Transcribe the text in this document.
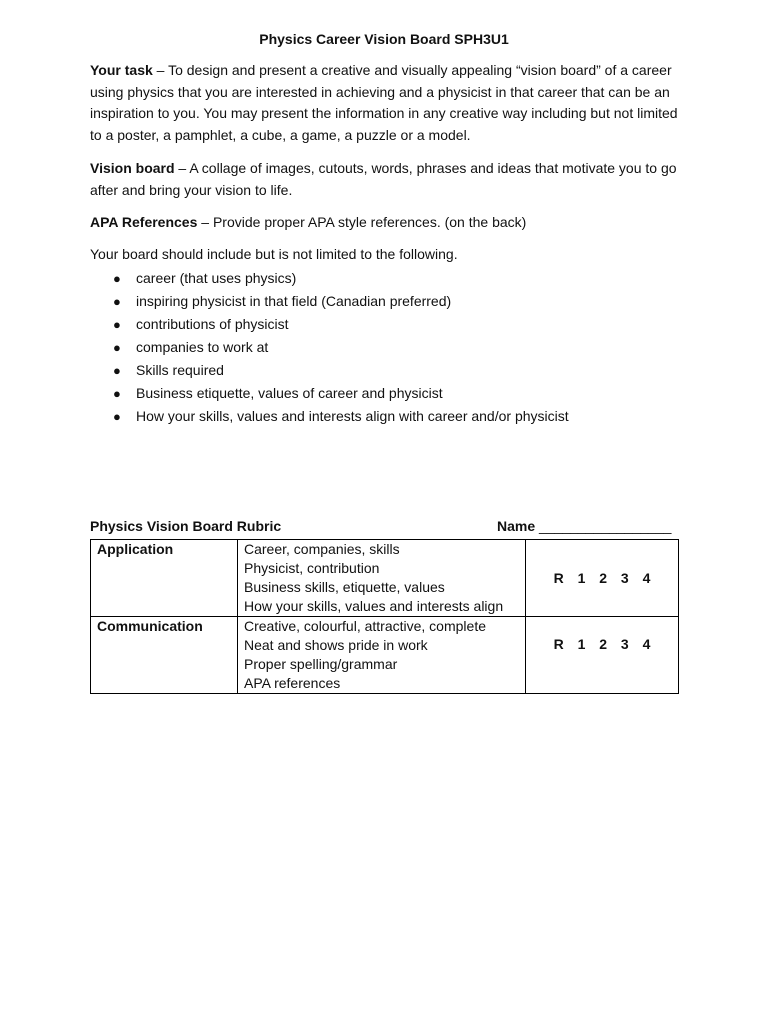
Physics Career Vision Board SPH3U1

Your task – To design and present a creative and visually appealing “vision board” of a career using physics that you are interested in achieving and a physicist in that career that can be an inspiration to you. You may present the information in any creative way including but not limited to a poster, a pamphlet, a cube, a game, a puzzle or a model.

Vision board – A collage of images, cutouts, words, phrases and ideas that motivate you to go after and bring your vision to life.

APA References – Provide proper APA style references. (on the back)

Your board should include but is not limited to the following.

● career (that uses physics)
● inspiring physicist in that field (Canadian preferred)
● contributions of physicist
● companies to work at
● Skills required
● Business etiquette, values of career and physicist
● How your skills, values and interests align with career and/or physicist
Physics Vision Board Rubric	Name _________________
Application	Career, companies, skills
Physicist, contribution
Business skills, etiquette, values
How your skills, values and interests align	R 1 2 3 4
Communication	Creative, colourful, attractive, complete
Neat and shows pride in work
Proper spelling/grammar
APA references	R 1 2 3 4
